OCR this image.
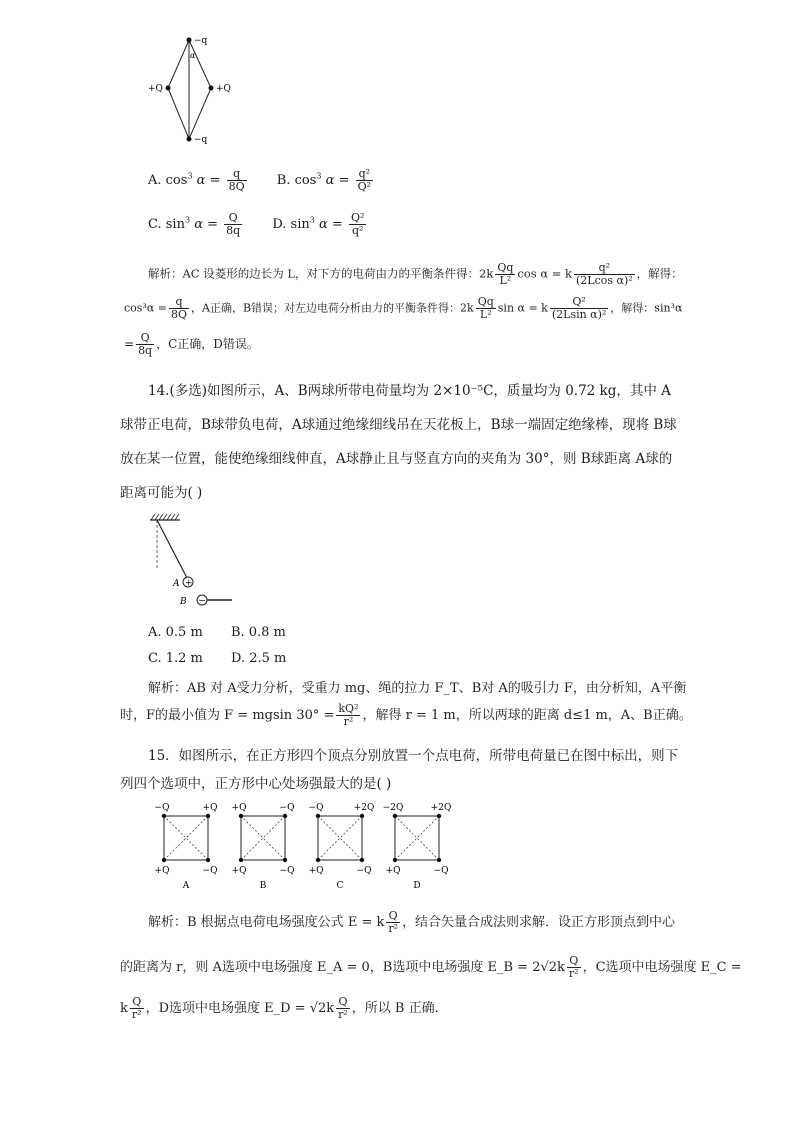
−q
−q
+Q	+Q
α
A. $\cos^3 \alpha = \frac{q}{8Q} B$. $\cos^3 \alpha = \frac{\text{q²}}{\text{Q²}}$
C. $\sin^3 \alpha = \frac{Q}{8q} D$. $\sin^3 \alpha = \frac{\text{Q²}}{\text{q²}}$
解析：AC 设菱形的边长为 L，对下方的电荷由力的平衡条件得：$2k \frac{Qq}{\text{L²}}$ cos α = k $\frac{\text{q²}}{\text{(2Lcos α)²}}$ ，解得：
$\cos^3\alpha = \frac{q}{8Q}$ ，A正确，B错误；对左边电荷分析由力的平衡条件得：$2k \frac{Qq}{\text{L²}}$ sin α = k $\frac{\text{Q²}}{\text{(2Lsin α)²}}$ ，解得：sin³α
= $\frac{Q}{8q}$ ，C正确，D错误。
14.(多选)如图所示，A、B两球所带电荷量均为 2×10⁻⁵C，质量均为 0.72 kg，其中 A球带正电荷，B球带负电荷，A球通过绝缘细线吊在天花板上，B球一端固定绝缘棒，现将 B球放在某一位置，能使绝缘细线伸直，A球静止且与竖直方向的夹角为 30°，则 B球距离 A球的距离可能为( )
+
A
−
B
A. 0.5 m B. 0.8 m
C. 1.2 m D. 2.5 m
解析：AB 对 A受力分析，受重力 mg、绳的拉力 F_T、B对 A的吸引力 F，由分析知，A平衡
时，F的最小值为 F = mgsin $30^\circ = \frac{\text{kQ²}}{\text{r²}}$ ，解得 r = 1 m，所以两球的距离 d≤1 m，A、B正确。
15．如图所示，在正方形四个顶点分别放置一个点电荷，所带电荷量已在图中标出，则下列四个选项中，正方形中心处场强最大的是( )
−Q	+Q
+Q	−Q
A
+Q	−Q
+Q	−Q
B
−Q	+2Q
+Q	−Q
C
−2Q	+2Q
+Q	−Q
D
解析：B 根据点电荷电场强度公式 E = k $\frac{Q}{\text{r²}}$ ，结合矢量合成法则求解．设正方形顶点到中心
的距离为 r，则 A选项中电场强度 E_A = 0，B选项中电场强度 E_B = $2√2k \frac{Q}{\text{r²}}$ ，C选项中电场强度 E_C =
k $\frac{Q}{\text{r²}}$ ，D选项中电场强度 E_D = $√2k \frac{Q}{\text{r²}}$ ，所以 B 正确．
